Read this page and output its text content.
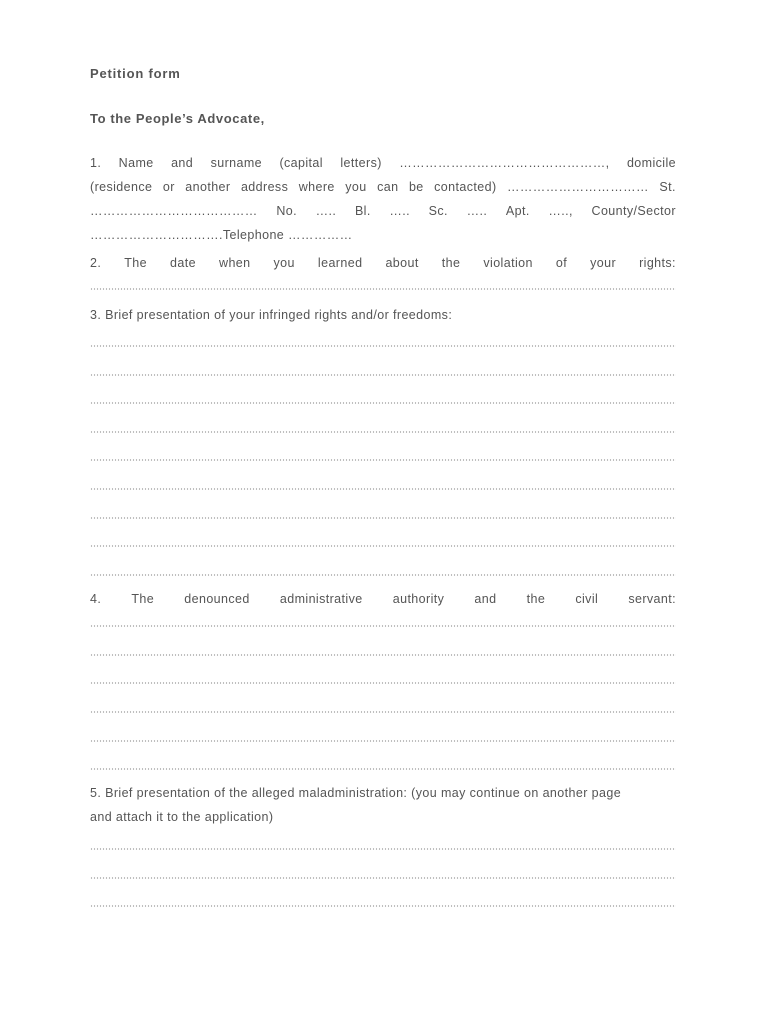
Petition form
To the People’s Advocate,
1. Name and surname (capital letters) …………………………………………, domicile
(residence or another address where you can be contacted) …………………………… St.
………………………………… No. ….. Bl. ….. Sc. ….. Apt. ….., County/Sector
………………………….Telephone ……………
2. The date when you learned about the violation of your rights:
3. Brief presentation of your infringed rights and/or freedoms:
4. The denounced administrative authority and the civil servant:
5. Brief presentation of the alleged maladministration: (you may continue on another page
and attach it to the application)
